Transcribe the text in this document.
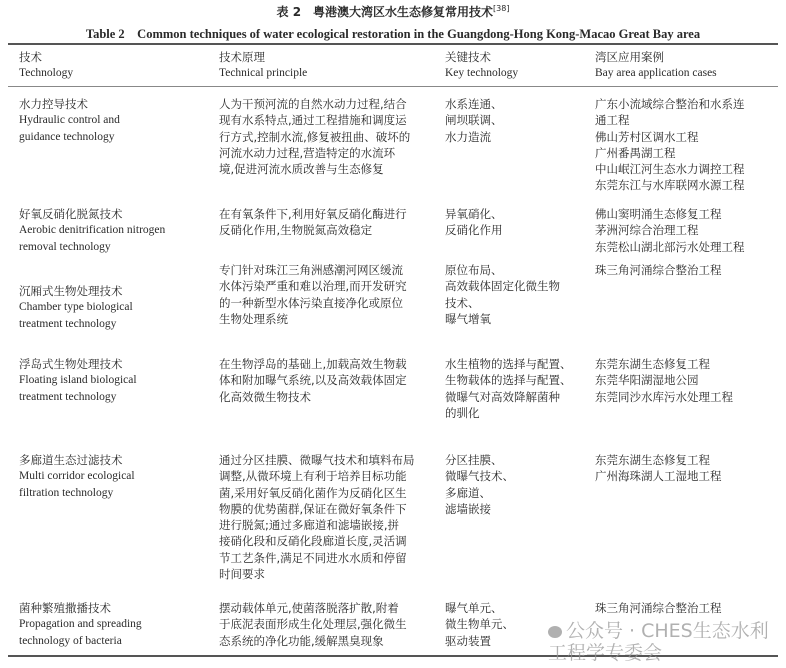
表 2　粤港澳大湾区水生态修复常用技术[38]
Table 2　Common techniques of water ecological restoration in the Guangdong-Hong Kong-Macao Great Bay area
技术
Technology
技术原理
Technical principle
关键技术
Key technology
湾区应用案例
Bay area application cases
水力控导技术
Hydraulic control and
guidance technology
人为干预河流的自然水动力过程,结合
现有水系特点,通过工程措施和调度运
行方式,控制水流,修复被扭曲、破坏的
河流水动力过程,营造特定的水流环
境,促进河流水质改善与生态修复
水系连通、
闸坝联调、
水力造流
广东小流域综合整治和水系连
通工程
佛山芳村区调水工程
广州番禺湖工程
中山岷江河生态水力调控工程
东莞东江与水库联网水源工程
好氧反硝化脱氮技术
Aerobic denitrification nitrogen
removal technology
在有氧条件下,利用好氧反硝化酶进行
反硝化作用,生物脱氮高效稳定
异氧硝化、
反硝化作用
佛山窦明涌生态修复工程
茅洲河综合治理工程
东莞松山湖北部污水处理工程
沉厢式生物处理技术
Chamber type biological
treatment technology
专门针对珠江三角洲感潮河网区缓流
水体污染严重和难以治理,而开发研究
的一种新型水体污染直接净化或原位
生物处理系统
原位布局、
高效载体固定化微生物
技术、
曝气增氧
珠三角河涌综合整治工程
浮岛式生物处理技术
Floating island biological
treatment technology
在生物浮岛的基础上,加载高效生物载
体和附加曝气系统,以及高效载体固定
化高效微生物技术
水生植物的选择与配置、
生物载体的选择与配置、
微曝气对高效降解菌种
的驯化
东莞东湖生态修复工程
东莞华阳湖湿地公园
东莞同沙水库污水处理工程
多廊道生态过滤技术
Multi corridor ecological
filtration technology
通过分区挂膜、微曝气技术和填料布局
调整,从微环境上有利于培养目标功能
菌,采用好氧反硝化菌作为反硝化区生
物膜的优势菌群,保证在微好氧条件下
进行脱氮;通过多廊道和滤墙嵌接,拼
接硝化段和反硝化段廊道长度,灵活调
节工艺条件,满足不同进水水质和停留
时间要求
分区挂膜、
微曝气技术、
多廊道、
滤墙嵌接
东莞东湖生态修复工程
广州海珠湖人工湿地工程
菌种繁殖撒播技术
Propagation and spreading
technology of bacteria
摆动载体单元,使菌落脱落扩散,附着
于底泥表面形成生化处理层,强化微生
态系统的净化功能,缓解黑臭现象
曝气单元、
微生物单元、
驱动装置
珠三角河涌综合整治工程
公众号 · CHES生态水利工程学专委会
